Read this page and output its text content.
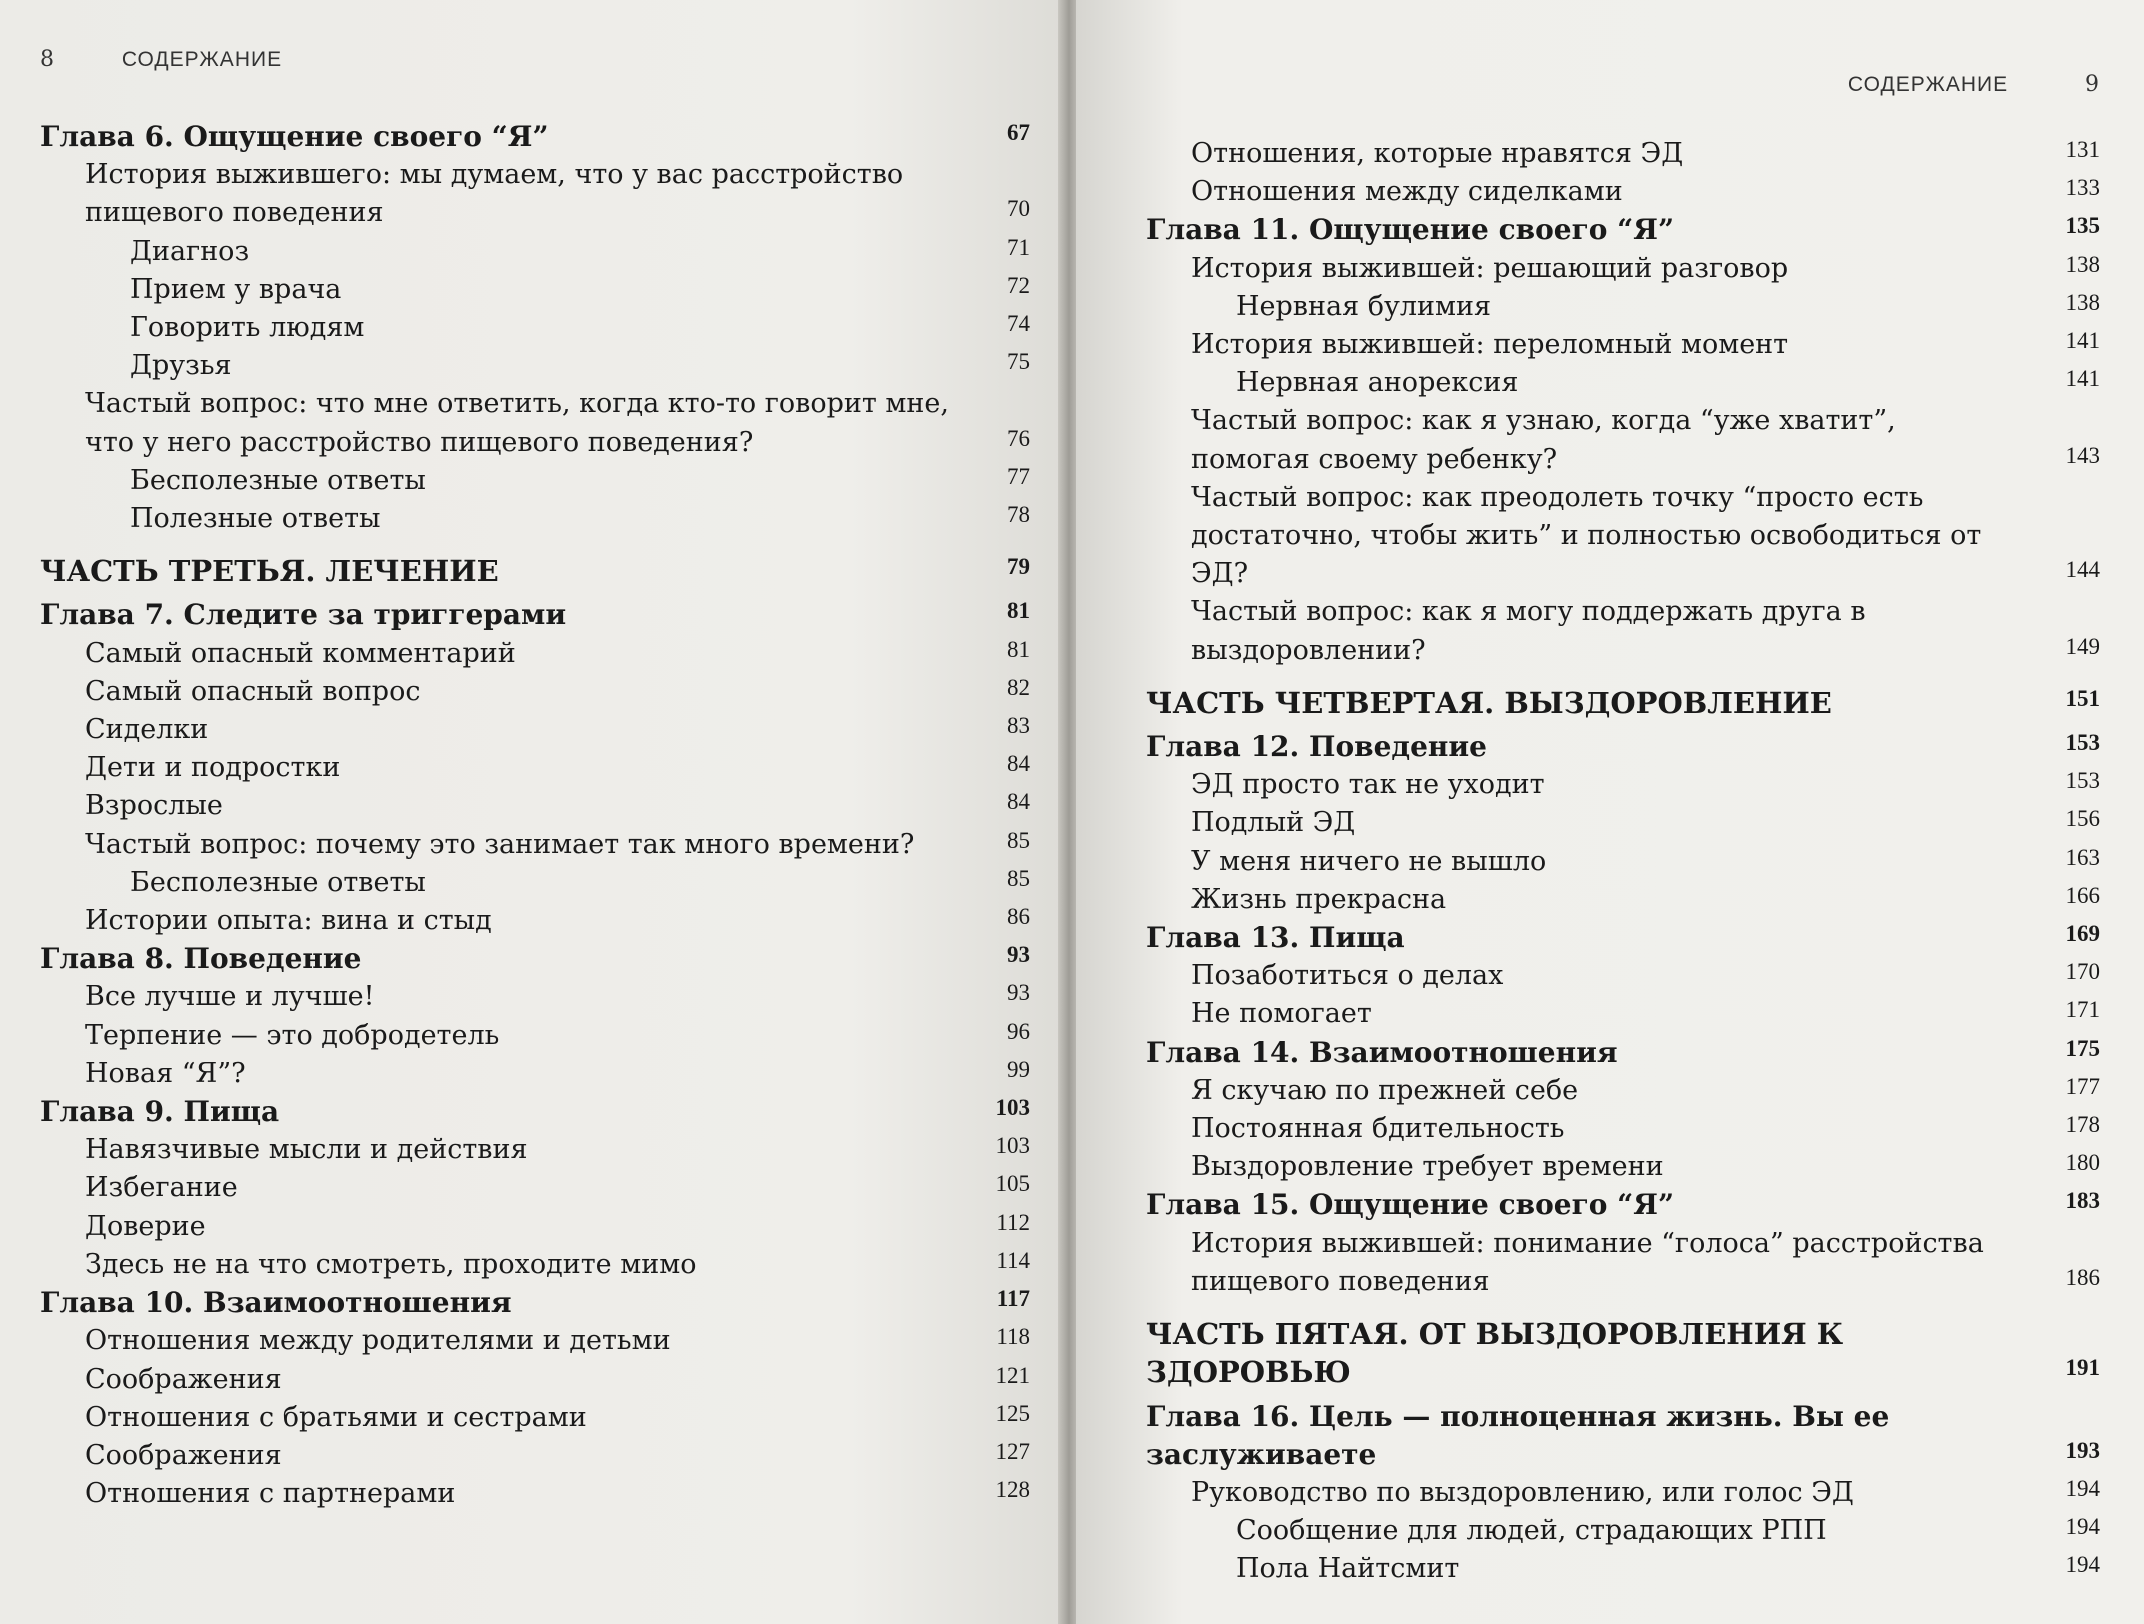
8	СОДЕРЖАНИЕ
Глава 6. Ощущение своего “Я”	67
История выжившего: мы думаем, что у вас расстройство пищевого поведения	70
Диагноз	71
Прием у врача	72
Говорить людям	74
Друзья	75
Частый вопрос: что мне ответить, когда кто-то говорит мне, что у него расстройство пищевого поведения?	76
Бесполезные ответы	77
Полезные ответы	78
ЧАСТЬ ТРЕТЬЯ. ЛЕЧЕНИЕ	79
Глава 7. Следите за триггерами	81
Самый опасный комментарий	81
Самый опасный вопрос	82
Сиделки	83
Дети и подростки	84
Взрослые	84
Частый вопрос: почему это занимает так много времени?	85
Бесполезные ответы	85
Истории опыта: вина и стыд	86
Глава 8. Поведение	93
Все лучше и лучше!	93
Терпение — это добродетель	96
Новая “Я”?	99
Глава 9. Пища	103
Навязчивые мысли и действия	103
Избегание	105
Доверие	112
Здесь не на что смотреть, проходите мимо	114
Глава 10. Взаимоотношения	117
Отношения между родителями и детьми	118
Соображения	121
Отношения с братьями и сестрами	125
Соображения	127
Отношения с партнерами	128
СОДЕРЖАНИЕ	9
Отношения, которые нравятся ЭД	131
Отношения между сиделками	133
Глава 11. Ощущение своего “Я”	135
История выжившей: решающий разговор	138
Нервная булимия	138
История выжившей: переломный момент	141
Нервная анорексия	141
Частый вопрос: как я узнаю, когда “уже хватит”, помогая своему ребенку?	143
Частый вопрос: как преодолеть точку “просто есть достаточно, чтобы жить” и полностью освободиться от ЭД?	144
Частый вопрос: как я могу поддержать друга в выздоровлении?	149
ЧАСТЬ ЧЕТВЕРТАЯ. ВЫЗДОРОВЛЕНИЕ	151
Глава 12. Поведение	153
ЭД просто так не уходит	153
Подлый ЭД	156
У меня ничего не вышло	163
Жизнь прекрасна	166
Глава 13. Пища	169
Позаботиться о делах	170
Не помогает	171
Глава 14. Взаимоотношения	175
Я скучаю по прежней себе	177
Постоянная бдительность	178
Выздоровление требует времени	180
Глава 15. Ощущение своего “Я”	183
История выжившей: понимание “голоса” расстройства пищевого поведения	186
ЧАСТЬ ПЯТАЯ. ОТ ВЫЗДОРОВЛЕНИЯ К ЗДОРОВЬЮ	191
Глава 16. Цель — полноценная жизнь. Вы ее заслуживаете	193
Руководство по выздоровлению, или голос ЭД	194
Сообщение для людей, страдающих РПП	194
Пола Найтсмит	194
